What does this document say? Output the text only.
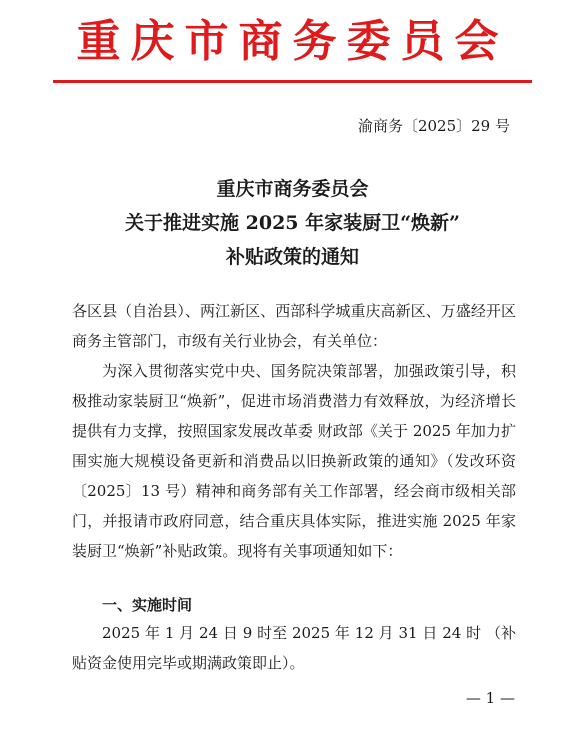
重庆市商务委员会
渝商务〔2025〕29 号
重庆市商务委员会
关于推进实施 2025 年家装厨卫“焕新”
补贴政策的通知

各区县（自治县）、两江新区、西部科学城重庆高新区、万盛经开区商务主管部门，市级有关行业协会，有关单位：

为深入贯彻落实党中央、国务院决策部署，加强政策引导，积极推动家装厨卫“焕新”，促进市场消费潜力有效释放，为经济增长提供有力支撑，按照国家发展改革委 财政部《关于 2025 年加力扩围实施大规模设备更新和消费品以旧换新政策的通知》（发改环资〔2025〕13 号）精神和商务部有关工作部署，经会商市级相关部门，并报请市政府同意，结合重庆具体实际，推进实施 2025 年家装厨卫“焕新”补贴政策。现将有关事项通知如下：

一、实施时间

2025 年 1 月 24 日 9 时至 2025 年 12 月 31 日 24 时 （补贴资金使用完毕或期满政策即止）。

— 1 —
